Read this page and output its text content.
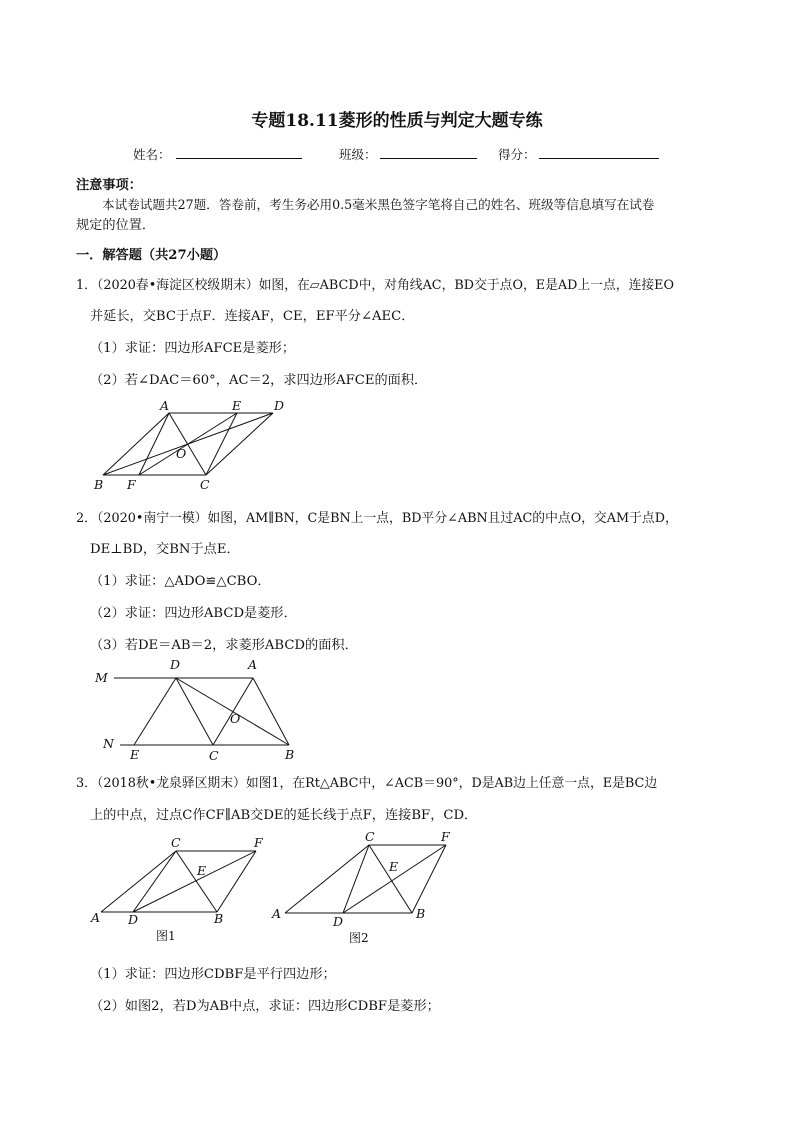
专题18.11菱形的性质与判定大题专练
姓名：	班级：	得分：
注意事项：
本试卷试题共27题．答卷前，考生务必用0.5毫米黑色签字笔将自己的姓名、班级等信息填写在试卷
规定的位置．
一．解答题（共27小题）
1．（2020春•海淀区校级期末）如图，在▱ABCD中，对角线AC，BD交于点O，E是AD上一点，连接EO
并延长，交BC于点F．连接AF，CE，EF平分∠AEC．
（1）求证：四边形AFCE是菱形；
（2）若∠DAC＝60°，AC＝2，求四边形AFCE的面积．
A	E	D
O
B F	C
2．（2020•南宁一模）如图，AM∥BN，C是BN上一点，BD平分∠ABN且过AC的中点O，交AM于点D，
DE⊥BD，交BN于点E．
（1）求证：△ADO≌△CBO．
（2）求证：四边形ABCD是菱形．
（3）若DE＝AB＝2，求菱形ABCD的面积．
M
D	A
O
N
E	C	B
3．（2018秋•龙泉驿区期末）如图1，在Rt△ABC中，∠ACB＝90°，D是AB边上任意一点，E是BC边
上的中点，过点C作CF∥AB交DE的延长线于点F，连接BF，CD．
C	F
E
A D	B
图1
C	F
E
A
D
B
图2
（1）求证：四边形CDBF是平行四边形；
（2）如图2，若D为AB中点，求证：四边形CDBF是菱形；
